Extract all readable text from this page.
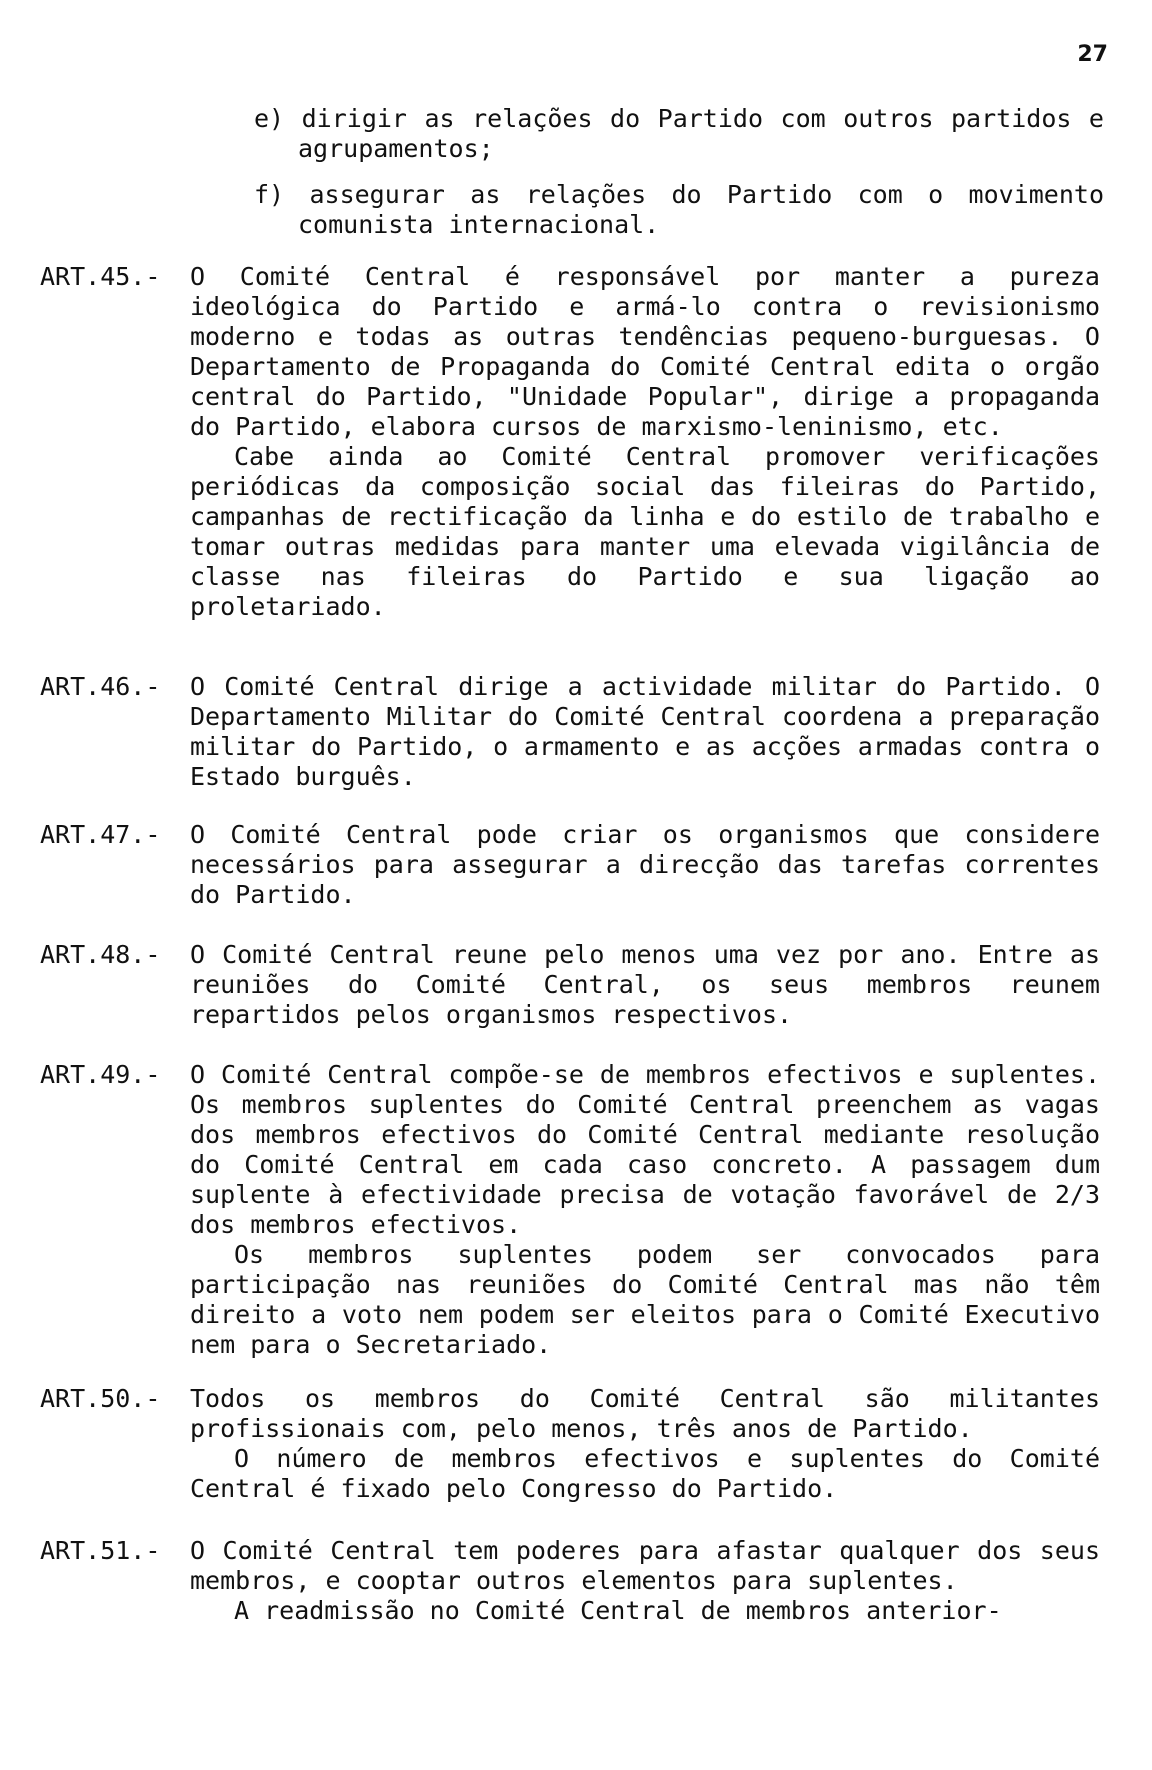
27

e) dirigir as relações do Partido com outros partidos e agrupamentos;

f) assegurar as relações do Partido com o movimento comunista internacional.

ART.45.-	O Comité Central é responsável por manter a pureza ideológica do Partido e armá-lo contra o revisionismo moderno e todas as outras tendências pequeno-burguesas. O Departamento de Propaganda do Comité Central edita o orgão central do Partido, "Unidade Popular", dirige a propaganda do Partido, elabora cursos de marxismo-leninismo, etc.

Cabe ainda ao Comité Central promover verificações periódicas da composição social das fileiras do Partido, campanhas de rectificação da linha e do estilo de trabalho e tomar outras medidas para manter uma elevada vigilância de classe nas fileiras do Partido e sua ligação ao proletariado.

ART.46.-	O Comité Central dirige a actividade militar do Partido. O Departamento Militar do Comité Central coordena a preparação militar do Partido, o armamento e as acções armadas contra o Estado burguês.

ART.47.-	O Comité Central pode criar os organismos que considere necessários para assegurar a direcção das tarefas correntes do Partido.

ART.48.-	O Comité Central reune pelo menos uma vez por ano. Entre as reuniões do Comité Central, os seus membros reunem repartidos pelos organismos respectivos.

ART.49.-	O Comité Central compõe-se de membros efectivos e suplentes. Os membros suplentes do Comité Central preenchem as vagas dos membros efectivos do Comité Central mediante resolução do Comité Central em cada caso concreto. A passagem dum suplente à efectividade precisa de votação favorável de 2/3 dos membros efectivos.

Os membros suplentes podem ser convocados para participação nas reuniões do Comité Central mas não têm direito a voto nem podem ser eleitos para o Comité Executivo nem para o Secretariado.

ART.50.-	Todos os membros do Comité Central são militantes profissionais com, pelo menos, três anos de Partido.

O número de membros efectivos e suplentes do Comité Central é fixado pelo Congresso do Partido.

ART.51.-	O Comité Central tem poderes para afastar qualquer dos seus membros, e cooptar outros elementos para suplentes.

A readmissão no Comité Central de membros anterior-
